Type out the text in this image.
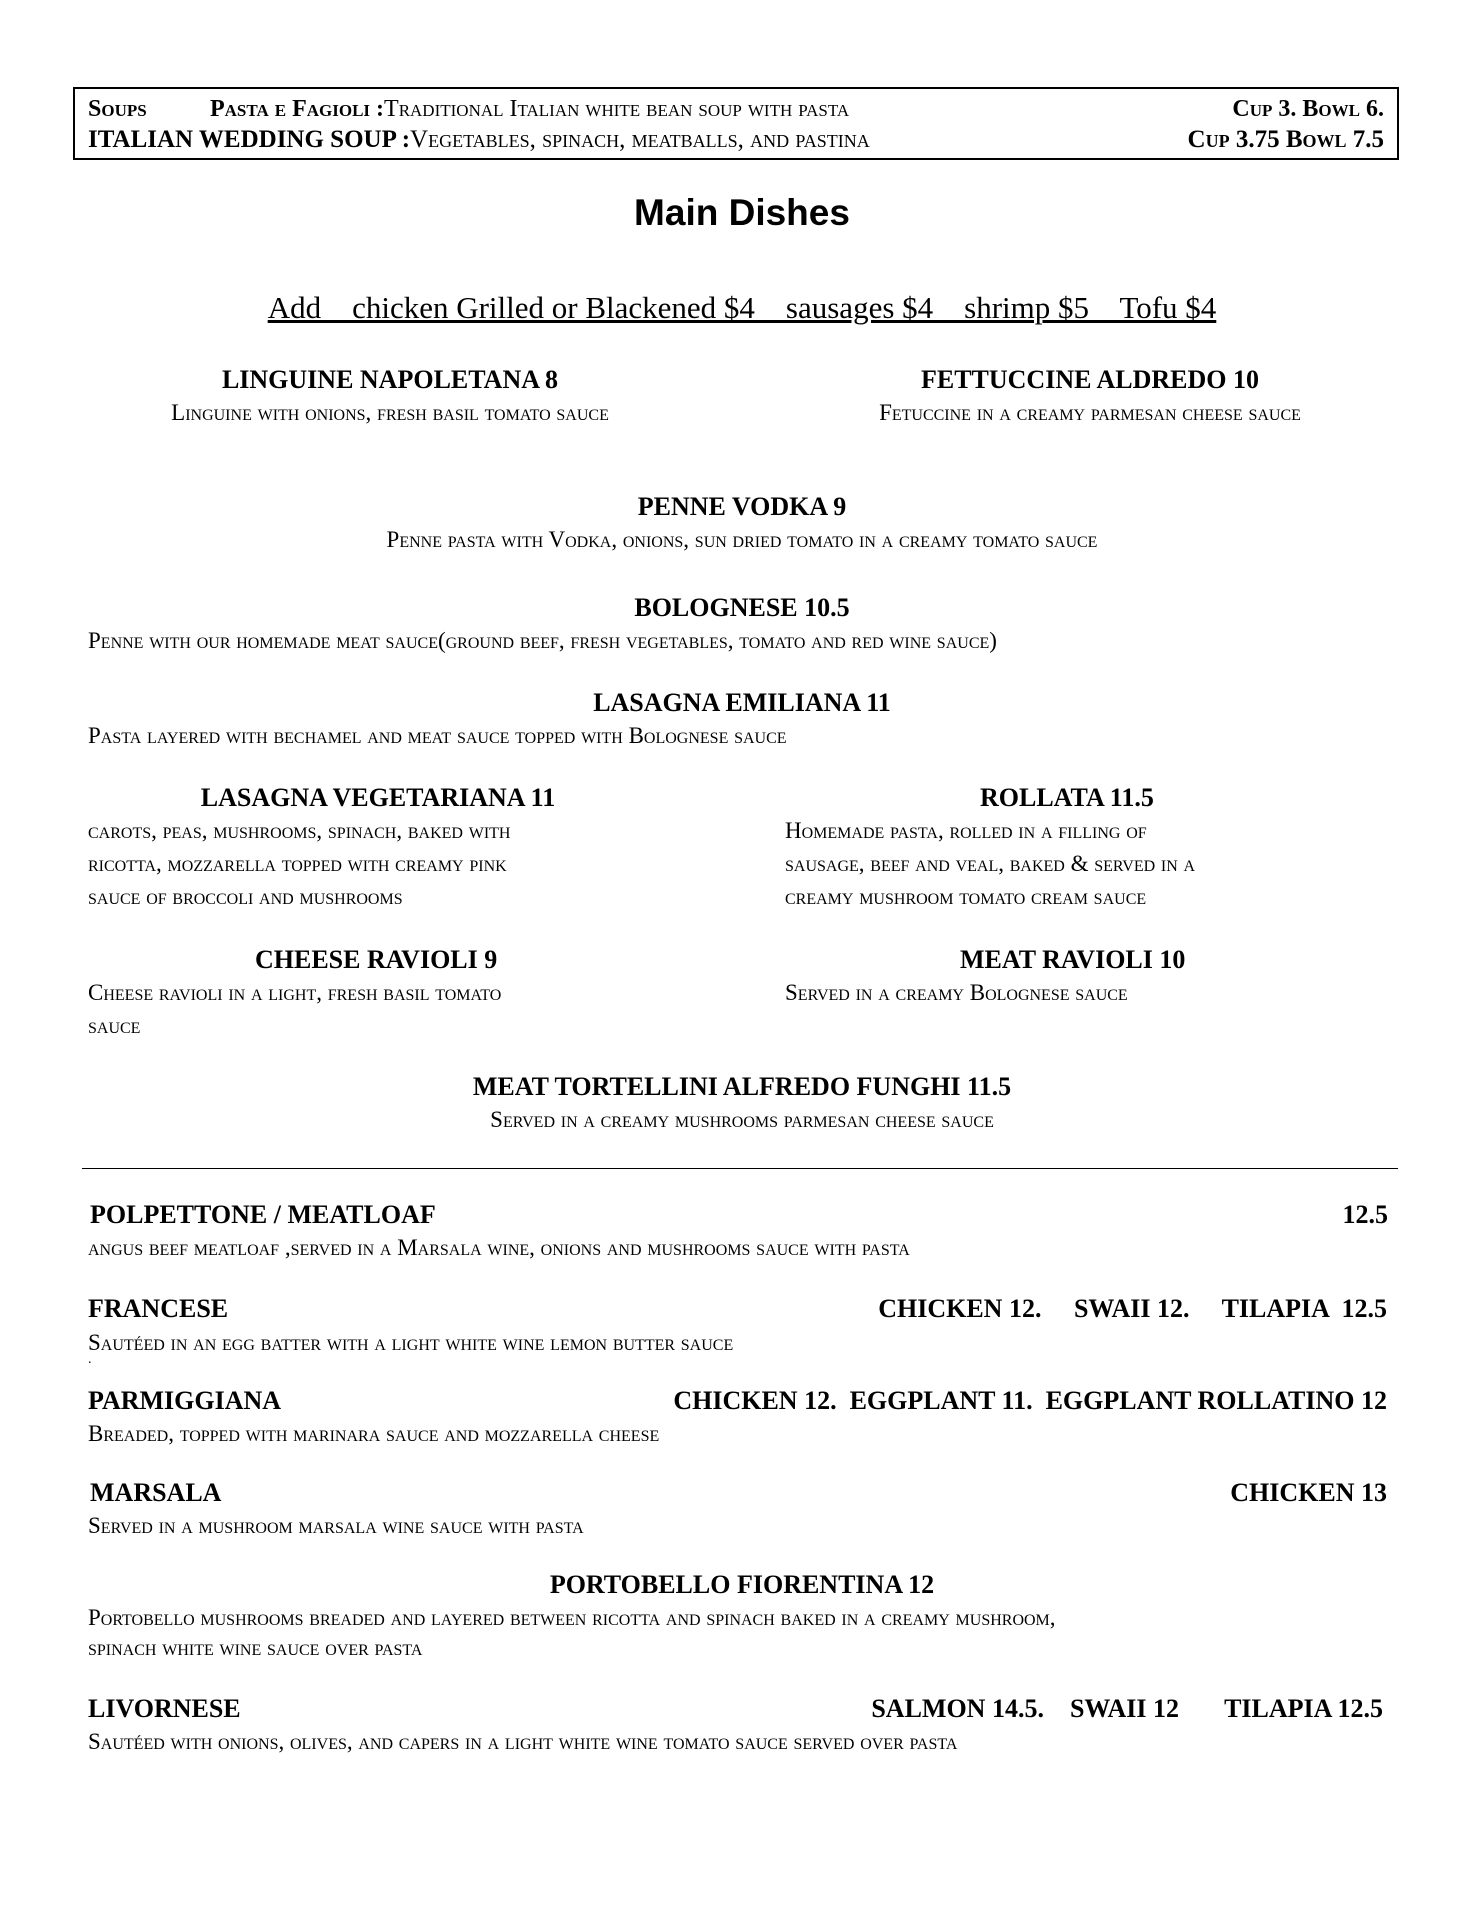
Soups	Pasta e Fagioli :Traditional Italian white bean soup with pasta	Cup 3. Bowl 6.
ITALIAN WEDDING SOUP :Vegetables, spinach, meatballs, and pastina	Cup 3.75 Bowl 7.5
Main Dishes
Add    chicken Grilled or Blackened $4    sausages $4    shrimp $5    Tofu $4
LINGUINE NAPOLETANA 8
Linguine with onions, fresh basil tomato sauce
FETTUCCINE ALDREDO 10
Fetuccine in a creamy parmesan cheese sauce
PENNE VODKA 9
Penne pasta with Vodka, onions, sun dried tomato in a creamy tomato sauce
BOLOGNESE 10.5
Penne with our homemade meat sauce(ground beef, fresh vegetables, tomato and red wine sauce)
LASAGNA EMILIANA 11
Pasta layered with bechamel and meat sauce topped with Bolognese sauce
LASAGNA VEGETARIANA 11
carots, peas, mushrooms, spinach, baked with
ricotta, mozzarella topped with creamy pink
sauce of broccoli and mushrooms
ROLLATA 11.5
Homemade pasta, rolled in a filling of
sausage, beef and veal, baked & served in a
creamy mushroom tomato cream sauce
CHEESE RAVIOLI 9
Cheese ravioli in a light, fresh basil tomato
sauce
MEAT RAVIOLI 10
Served in a creamy Bolognese sauce
MEAT TORTELLINI ALFREDO FUNGHI 11.5
Served in a creamy mushrooms parmesan cheese sauce
POLPETTONE / MEATLOAF	12.5
angus beef meatloaf ,served in a Marsala wine, onions and mushrooms sauce with pasta
FRANCESE	CHICKEN 12.     SWAII 12.     TILAPIA  12.5
Sautéed in an egg batter with a light white wine lemon butter sauce
.
PARMIGGIANA	CHICKEN 12.  EGGPLANT 11.  EGGPLANT ROLLATINO 12
Breaded, topped with marinara sauce and mozzarella cheese
MARSALA	CHICKEN 13
Served in a mushroom marsala wine sauce with pasta
PORTOBELLO FIORENTINA 12
Portobello mushrooms breaded and layered between ricotta and spinach baked in a creamy mushroom,
spinach white wine sauce over pasta
LIVORNESE	SALMON 14.5.    SWAII 12       TILAPIA 12.5
Sautéed with onions, olives, and capers in a light white wine tomato sauce served over pasta
